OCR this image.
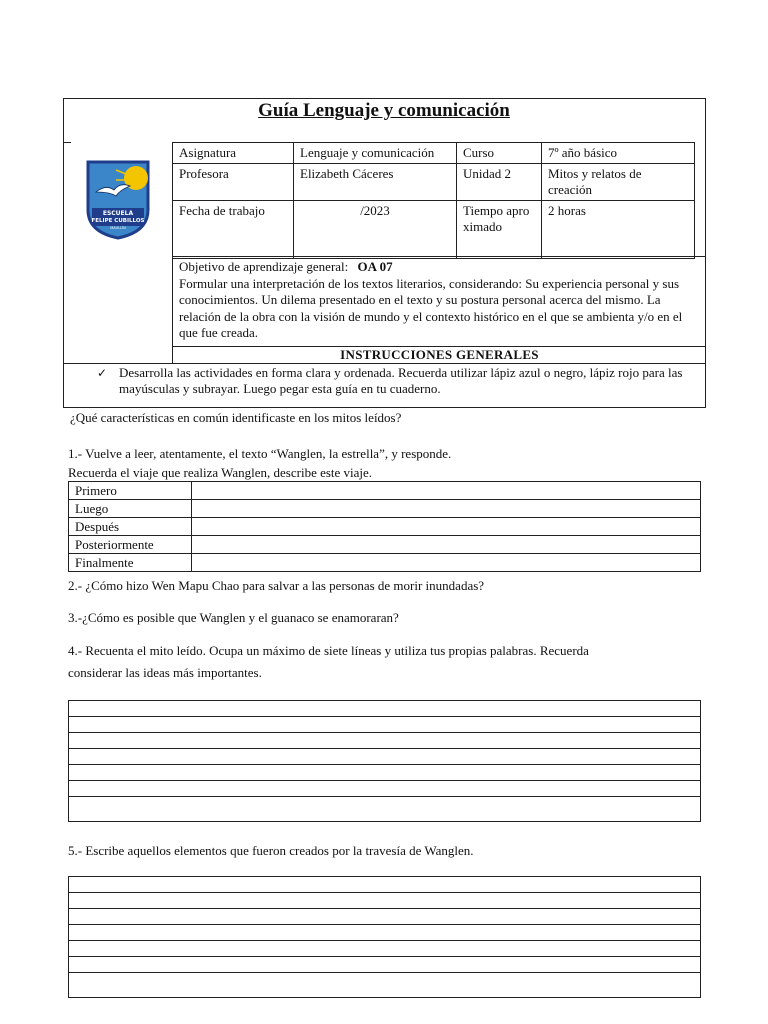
Guía Lenguaje y comunicación
ESCUELA
FELIPE CUBILLOS
MAULLÍN
Asignatura	Lenguaje y comunicación	Curso	7º año básico
Profesora	Elizabeth Cáceres	Unidad 2	Mitos y relatos de creación
Fecha de trabajo	/2023	Tiempo aproximado	2 horas
Objetivo de aprendizaje general: OA 07
Formular una interpretación de los textos literarios, considerando: Su experiencia personal y sus conocimientos. Un dilema presentado en el texto y su postura personal acerca del mismo. La relación de la obra con la visión de mundo y el contexto histórico en el que se ambienta y/o en el que fue creada.
INSTRUCCIONES GENERALES
✓ Desarrolla las actividades en forma clara y ordenada. Recuerda utilizar lápiz azul o negro, lápiz rojo para las mayúsculas y subrayar. Luego pegar esta guía en tu cuaderno.
¿Qué características en común identificaste en los mitos leídos?
1.- Vuelve a leer, atentamente, el texto “Wanglen, la estrella”, y responde.
Recuerda el viaje que realiza Wanglen, describe este viaje.
Primero	
Luego	
Después	
Posteriormente	
Finalmente	
2.- ¿Cómo hizo Wen Mapu Chao para salvar a las personas de morir inundadas?
3.-¿Cómo es posible que Wanglen y el guanaco se enamoraran?
4.- Recuenta el mito leído. Ocupa un máximo de siete líneas y utiliza tus propias palabras. Recuerda
considerar las ideas más importantes.
5.- Escribe aquellos elementos que fueron creados por la travesía de Wanglen.
